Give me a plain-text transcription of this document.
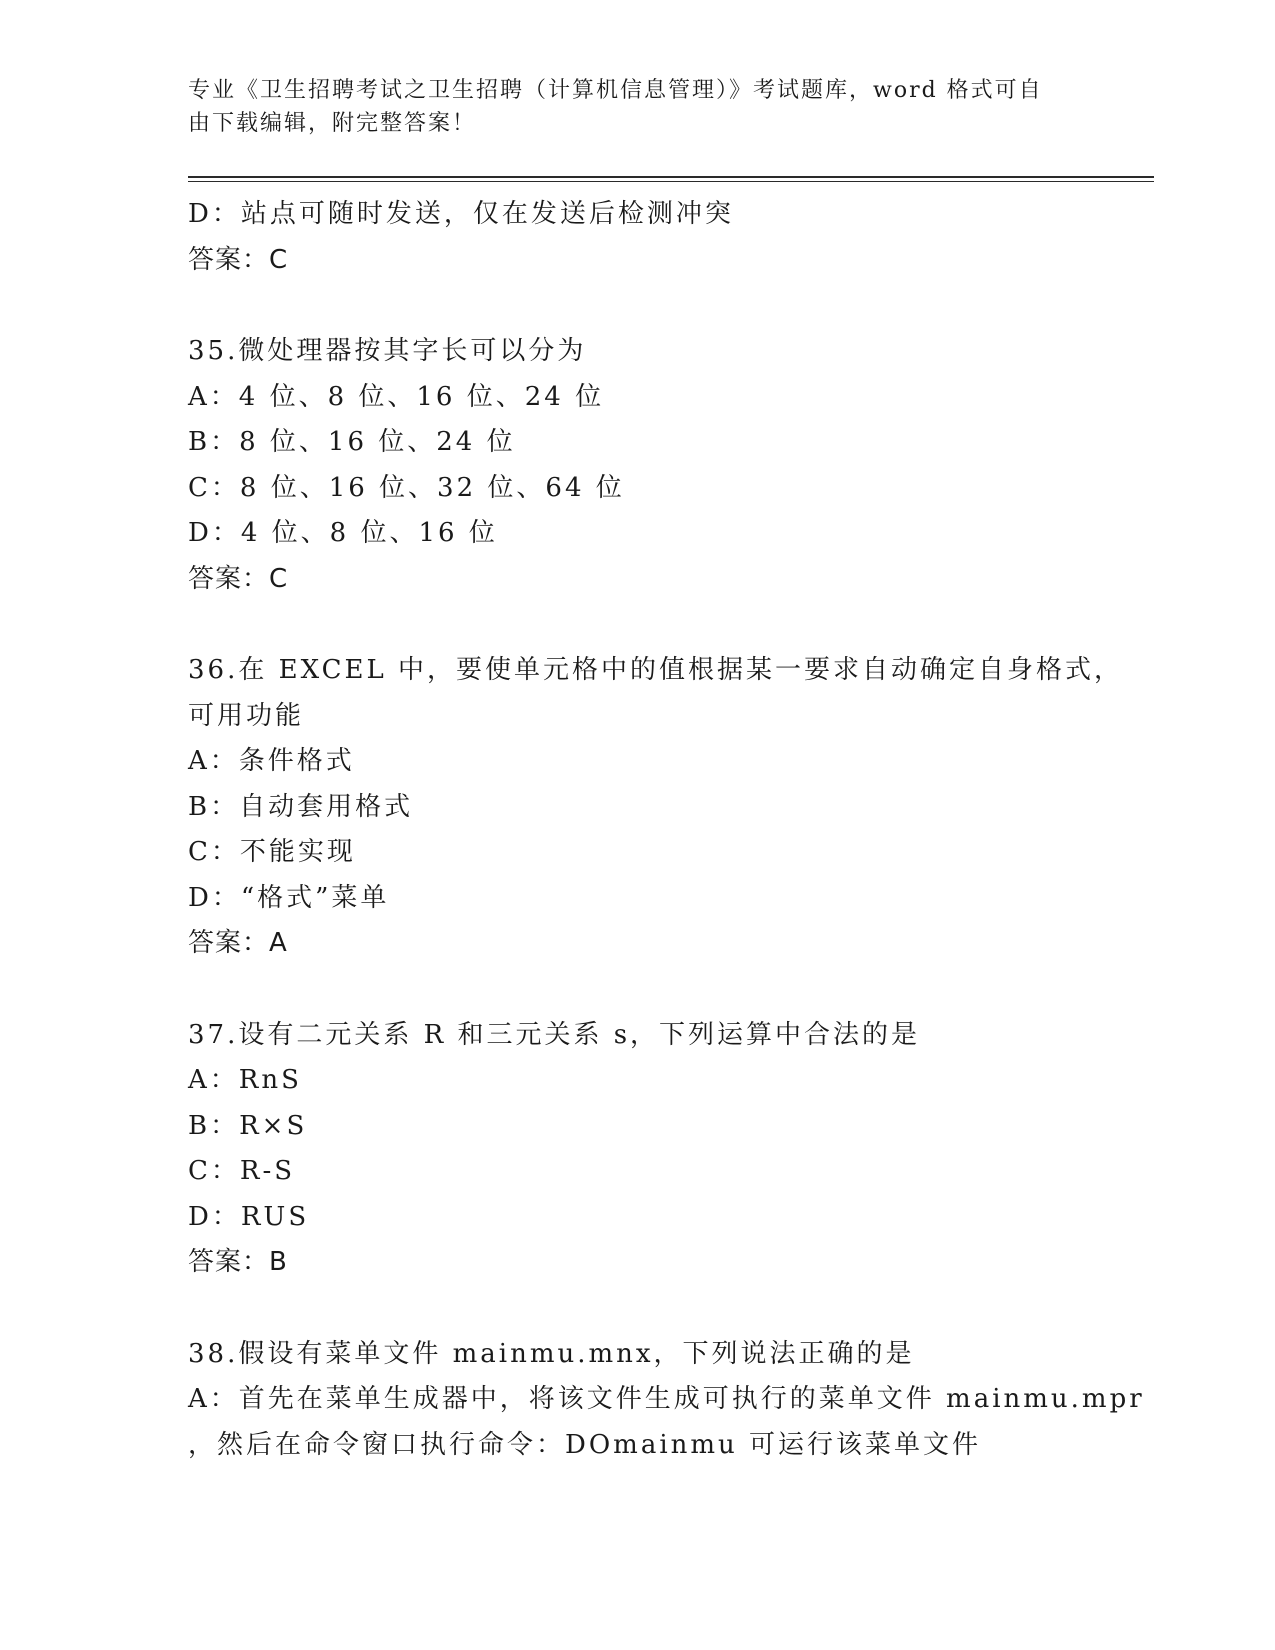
专业《卫生招聘考试之卫生招聘（计算机信息管理）》考试题库，word 格式可自

由下载编辑，附完整答案！

D：站点可随时发送，仅在发送后检测冲突

答案：C

35.微处理器按其字长可以分为

A：4 位、8 位、16 位、24 位

B：8 位、16 位、24 位

C：8 位、16 位、32 位、64 位

D：4 位、8 位、16 位

答案：C

36.在 EXCEL 中，要使单元格中的值根据某一要求自动确定自身格式，

可用功能

A：条件格式

B：自动套用格式

C：不能实现

D：“格式”菜单

答案：A

37.设有二元关系 R 和三元关系 s，下列运算中合法的是

A：RnS

B：R×S

C：R-S

D：RUS

答案：B

38.假设有菜单文件 mainmu.mnx，下列说法正确的是

A：首先在菜单生成器中，将该文件生成可执行的菜单文件 mainmu.mpr

，然后在命令窗口执行命令：DOmainmu 可运行该菜单文件
